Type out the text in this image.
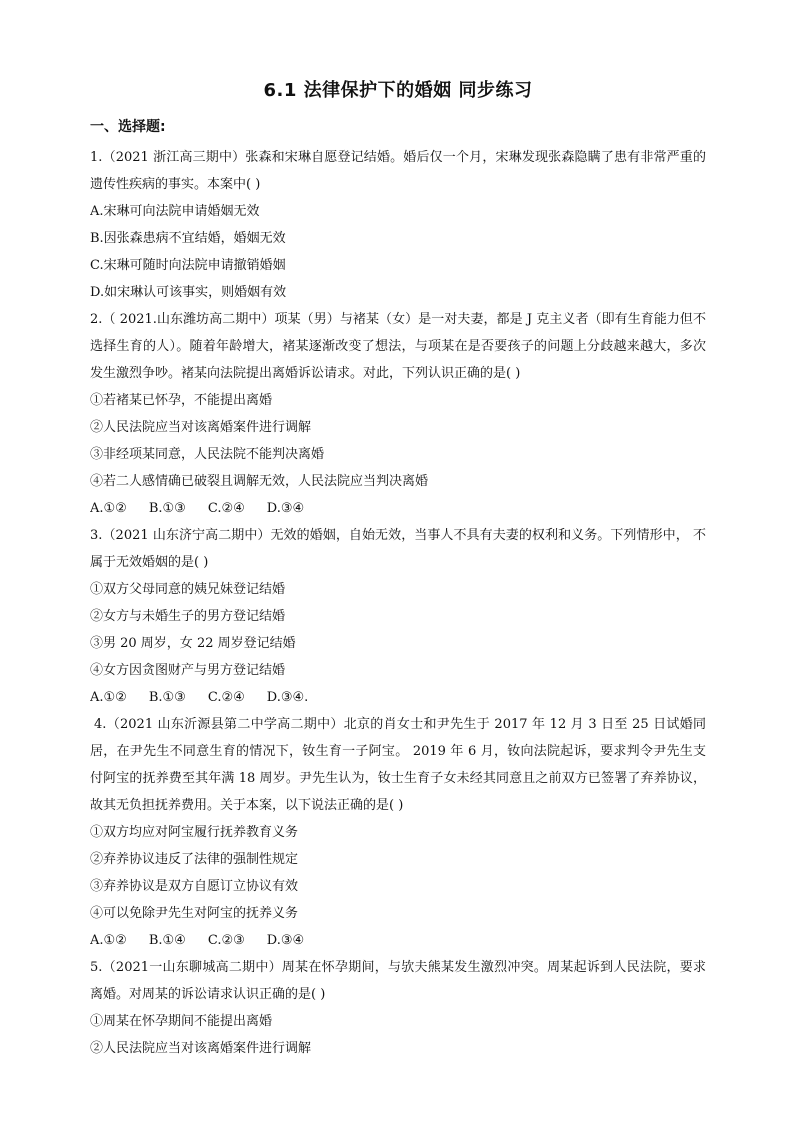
6.1 法律保护下的婚姻 同步练习
一、选择题:
1.（2021 浙江高三期中）张森和宋琳自愿登记结婚。婚后仅一个月，宋琳发现张森隐瞒了患有非常严重的遗传性疾病的事实。本案中( )
A.宋琳可向法院申请婚姻无效
B.因张森患病不宜结婚，婚姻无效
C.宋琳可随时向法院申请撤销婚姻
D.如宋琳认可该事实，则婚姻有效
2.（ 2021.山东潍坊高二期中）项某（男）与褚某（女）是一对夫妻，都是 J 克主义者（即有生育能力但不选择生育的人）。随着年龄增大，褚某逐渐改变了想法，与项某在是否要孩子的问题上分歧越来越大，多次发生激烈争吵。褚某向法院提出离婚诉讼请求。对此，下列认识正确的是( )
①若褚某已怀孕，不能提出离婚
②人民法院应当对该离婚案件进行调解
③非经项某同意，人民法院不能判决离婚
④若二人感情确已破裂且调解无效，人民法院应当判决离婚
A.①② B.①③ C.②④ D.③④
3.（2021 山东济宁高二期中）无效的婚姻，自始无效，当事人不具有夫妻的权利和义务。下列情形中， 不属于无效婚姻的是( )
①双方父母同意的姨兄妹登记结婚
②女方与未婚生子的男方登记结婚
③男 20 周岁，女 22 周岁登记结婚
④女方因贪图财产与男方登记结婚
A.①② B.①③ C.②④ D.③④.
4.（2021 山东沂源县第二中学高二期中）北京的肖女士和尹先生于 2017 年 12 月 3 日至 25 日试婚同居，在尹先生不同意生育的情况下，钕生育一子阿宝。 2019 年 6 月，钕向法院起诉，要求判令尹先生支付阿宝的抚养费至其年满 18 周岁。尹先生认为，钕士生育子女未经其同意且之前双方已签署了弃养协议，故其无负担抚养费用。关于本案，以下说法正确的是( )
①双方均应对阿宝履行抚养教育义务
②弃养协议违反了法律的强制性规定
③弃养协议是双方自愿订立协议有效
④可以免除尹先生对阿宝的抚养义务
A.①② B.①④ C.②③ D.③④
5.（2021一山东聊城高二期中）周某在怀孕期间，与欤夫熊某发生激烈冲突。周某起诉到人民法院，要求离婚。对周某的诉讼请求认识正确的是( )
①周某在怀孕期间不能提出离婚
②人民法院应当对该离婚案件进行调解
